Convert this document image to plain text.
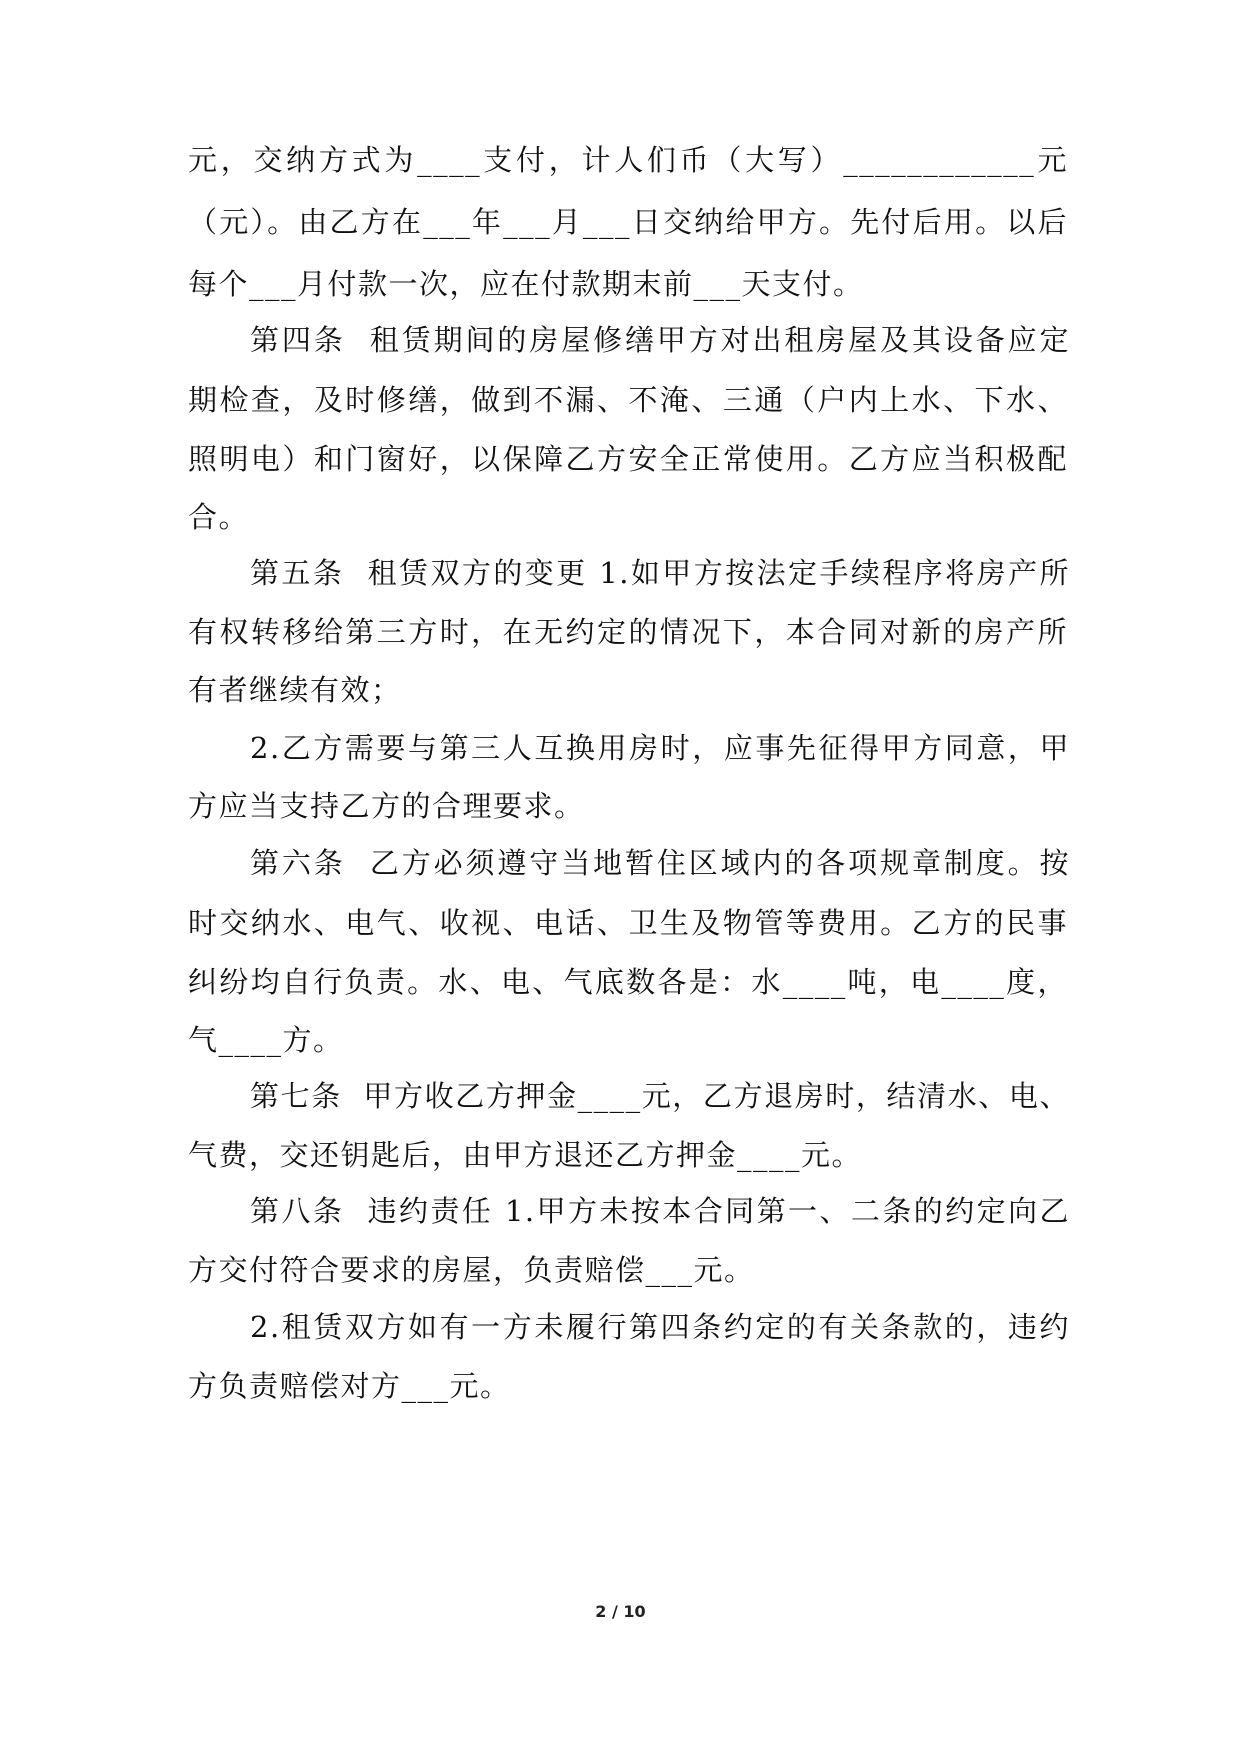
元，交纳方式为____支付，计人们币（大写）____________元
（元）。由乙方在___年___月___日交纳给甲方。先付后用。以后
每个___月付款一次，应在付款期末前___天支付。
第四条  租赁期间的房屋修缮甲方对出租房屋及其设备应定
期检查，及时修缮，做到不漏、不淹、三通（户内上水、下水、
照明电）和门窗好，以保障乙方安全正常使用。乙方应当积极配
合。
第五条  租赁双方的变更 1.如甲方按法定手续程序将房产所
有权转移给第三方时，在无约定的情况下，本合同对新的房产所
有者继续有效；
2.乙方需要与第三人互换用房时，应事先征得甲方同意，甲
方应当支持乙方的合理要求。
第六条  乙方必须遵守当地暂住区域内的各项规章制度。按
时交纳水、电气、收视、电话、卫生及物管等费用。乙方的民事
纠纷均自行负责。水、电、气底数各是：水____吨，电____度，
气____方。
第七条  甲方收乙方押金____元，乙方退房时，结清水、电、
气费，交还钥匙后，由甲方退还乙方押金____元。
第八条  违约责任 1.甲方未按本合同第一、二条的约定向乙
方交付符合要求的房屋，负责赔偿___元。
2.租赁双方如有一方未履行第四条约定的有关条款的，违约
方负责赔偿对方___元。
2 / 10
